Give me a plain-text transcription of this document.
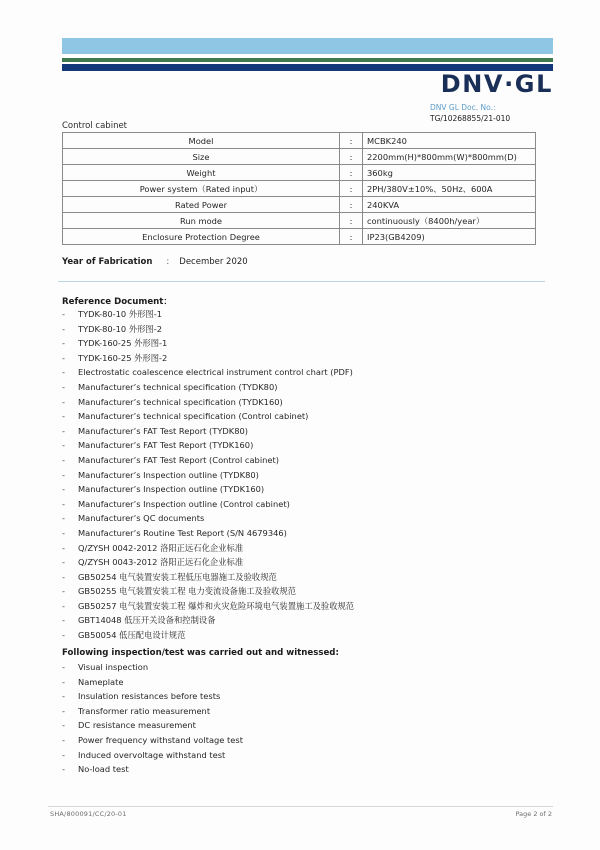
DNV·GL
DNV GL Doc. No.:
TG/10268855/21-010
Control cabinet
Model	:	MCBK240
Size	:	2200mm(H)*800mm(W)*800mm(D)
Weight	:	360kg
Power system（Rated input）	:	2PH/380V±10%、50Hz、600A
Rated Power	:	240KVA
Run mode	:	continuously（8400h/year）
Enclosure Protection Degree	:	IP23(GB4209)
Year of Fabrication : December 2020
Reference Document：
- TYDK-80-10 外形图-1
- TYDK-80-10 外形图-2
- TYDK-160-25 外形图-1
- TYDK-160-25 外形图-2
- Electrostatic coalescence electrical instrument control chart (PDF)
- Manufacturer’s technical specification (TYDK80)
- Manufacturer’s technical specification (TYDK160)
- Manufacturer’s technical specification (Control cabinet)
- Manufacturer’s FAT Test Report (TYDK80)
- Manufacturer’s FAT Test Report (TYDK160)
- Manufacturer’s FAT Test Report (Control cabinet)
- Manufacturer’s Inspection outline (TYDK80)
- Manufacturer’s Inspection outline (TYDK160)
- Manufacturer’s Inspection outline (Control cabinet)
- Manufacturer’s QC documents
- Manufacturer’s Routine Test Report (S/N 4679346)
- Q/ZYSH 0042-2012 洛阳正远石化企业标准
- Q/ZYSH 0043-2012 洛阳正远石化企业标准
- GB50254 电气装置安装工程低压电器施工及验收规范
- GB50255 电气装置安装工程 电力变流设备施工及验收规范
- GB50257 电气装置安装工程 爆炸和火灾危险环境电气装置施工及验收规范
- GBT14048 低压开关设备和控制设备
- GB50054 低压配电设计规范
Following inspection/test was carried out and witnessed:
- Visual inspection
- Nameplate
- Insulation resistances before tests
- Transformer ratio measurement
- DC resistance measurement
- Power frequency withstand voltage test
- Induced overvoltage withstand test
- No-load test
SHA/800091/CC/20-01	Page 2 of 2
